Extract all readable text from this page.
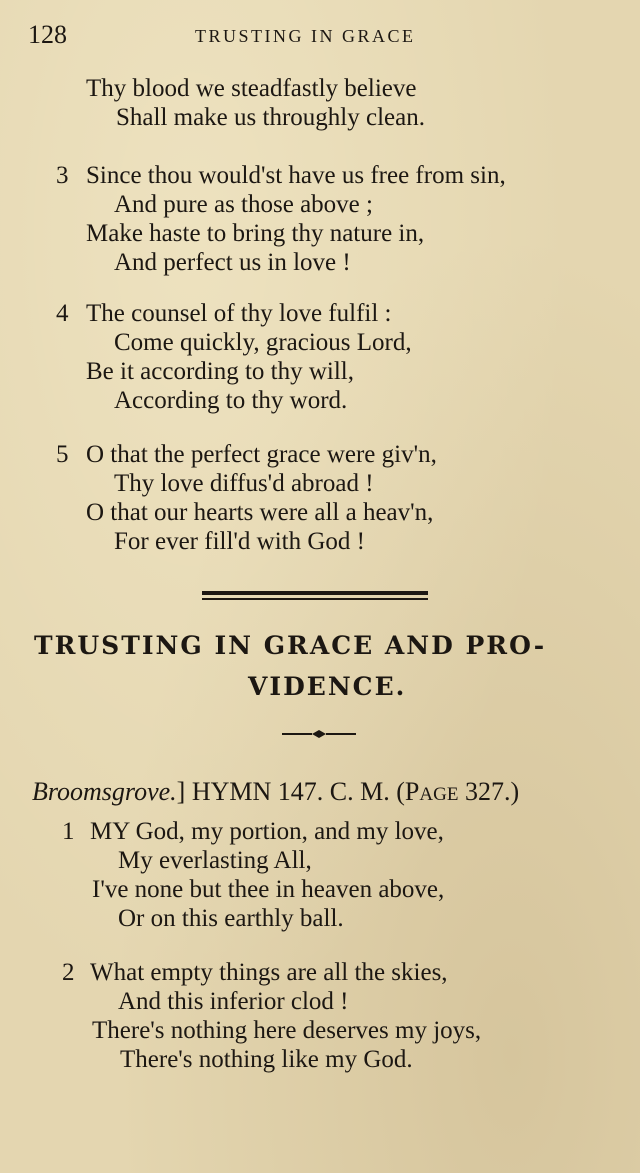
128	TRUSTING IN GRACE
Thy blood we steadfastly believe
Shall make us throughly clean.
3 Since thou would'st have us free from sin,
And pure as those above ;
Make haste to bring thy nature in,
And perfect us in love !
4 The counsel of thy love fulfil :
Come quickly, gracious Lord,
Be it according to thy will,
According to thy word.
5 O that the perfect grace were giv'n,
Thy love diffus'd abroad !
O that our hearts were all a heav'n,
For ever fill'd with God !
TRUSTING IN GRACE AND PRO-
VIDENCE.
Broomsgrove.] HYMN 147. C. M. (PAGE 327.)
1 MY God, my portion, and my love,
My everlasting All,
I've none but thee in heaven above,
Or on this earthly ball.
2 What empty things are all the skies,
And this inferior clod !
There's nothing here deserves my joys,
There's nothing like my God.
